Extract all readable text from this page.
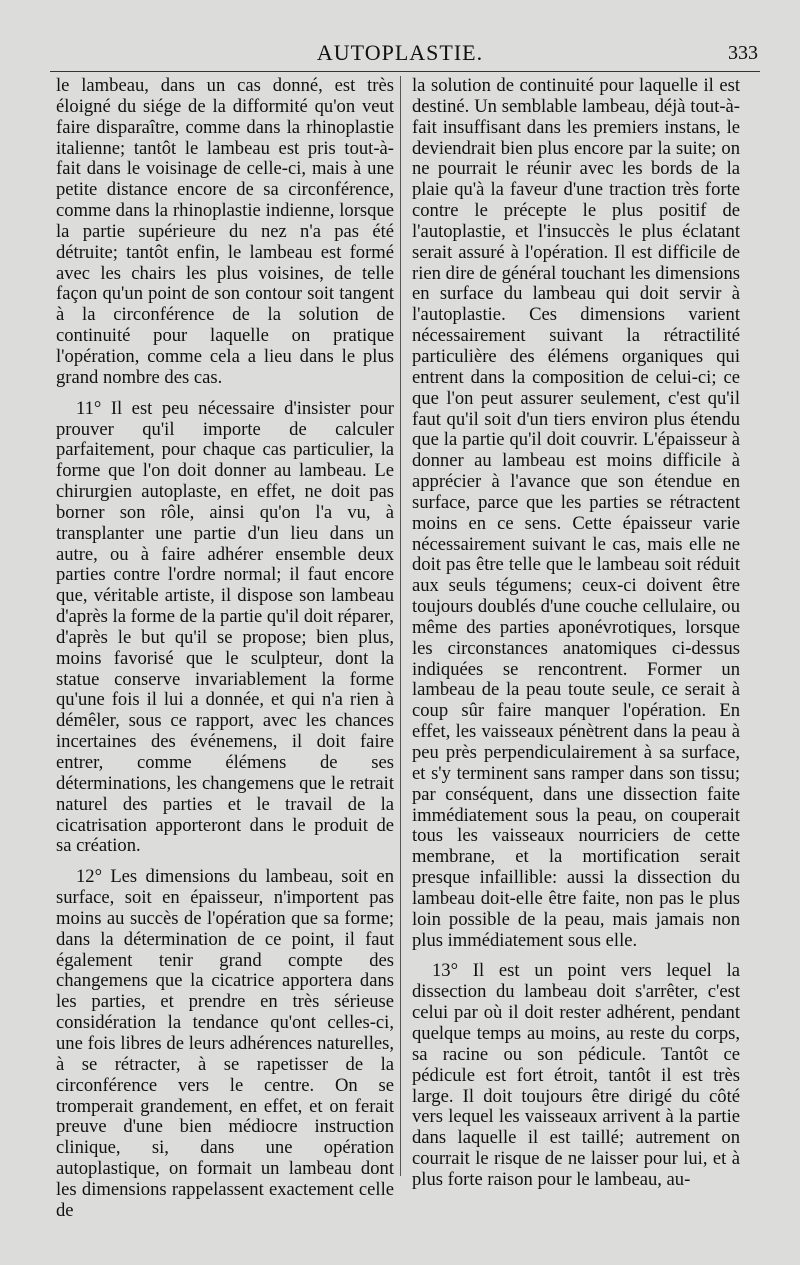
AUTOPLASTIE.	333

le lambeau, dans un cas donné, est très éloigné du siége de la difformité qu'on veut faire disparaître, comme dans la rhinoplastie italienne; tantôt le lambeau est pris tout-à-fait dans le voisinage de celle-ci, mais à une petite distance encore de sa circonférence, comme dans la rhinoplastie indienne, lorsque la partie supérieure du nez n'a pas été détruite; tantôt enfin, le lambeau est formé avec les chairs les plus voisines, de telle façon qu'un point de son contour soit tangent à la circonférence de la solution de continuité pour laquelle on pratique l'opération, comme cela a lieu dans le plus grand nombre des cas.

11° Il est peu nécessaire d'insister pour prouver qu'il importe de calculer parfaitement, pour chaque cas particulier, la forme que l'on doit donner au lambeau. Le chirurgien autoplaste, en effet, ne doit pas borner son rôle, ainsi qu'on l'a vu, à transplanter une partie d'un lieu dans un autre, ou à faire adhérer ensemble deux parties contre l'ordre normal; il faut encore que, véritable artiste, il dispose son lambeau d'après la forme de la partie qu'il doit réparer, d'après le but qu'il se propose; bien plus, moins favorisé que le sculpteur, dont la statue conserve invariablement la forme qu'une fois il lui a donnée, et qui n'a rien à démêler, sous ce rapport, avec les chances incertaines des événemens, il doit faire entrer, comme élémens de ses déterminations, les changemens que le retrait naturel des parties et le travail de la cicatrisation apporteront dans le produit de sa création.

12° Les dimensions du lambeau, soit en surface, soit en épaisseur, n'importent pas moins au succès de l'opération que sa forme; dans la détermination de ce point, il faut également tenir grand compte des changemens que la cicatrice apportera dans les parties, et prendre en très sérieuse considération la tendance qu'ont celles-ci, une fois libres de leurs adhérences naturelles, à se rétracter, à se rapetisser de la circonférence vers le centre. On se tromperait grandement, en effet, et on ferait preuve d'une bien médiocre instruction clinique, si, dans une opération autoplastique, on formait un lambeau dont les dimensions rappelassent exactement celle de

la solution de continuité pour laquelle il est destiné. Un semblable lambeau, déjà tout-à-fait insuffisant dans les premiers instans, le deviendrait bien plus encore par la suite; on ne pourrait le réunir avec les bords de la plaie qu'à la faveur d'une traction très forte contre le précepte le plus positif de l'autoplastie, et l'insuccès le plus éclatant serait assuré à l'opération. Il est difficile de rien dire de général touchant les dimensions en surface du lambeau qui doit servir à l'autoplastie. Ces dimensions varient nécessairement suivant la rétractilité particulière des élémens organiques qui entrent dans la composition de celui-ci; ce que l'on peut assurer seulement, c'est qu'il faut qu'il soit d'un tiers environ plus étendu que la partie qu'il doit couvrir. L'épaisseur à donner au lambeau est moins difficile à apprécier à l'avance que son étendue en surface, parce que les parties se rétractent moins en ce sens. Cette épaisseur varie nécessairement suivant le cas, mais elle ne doit pas être telle que le lambeau soit réduit aux seuls tégumens; ceux-ci doivent être toujours doublés d'une couche cellulaire, ou même des parties aponévrotiques, lorsque les circonstances anatomiques ci-dessus indiquées se rencontrent. Former un lambeau de la peau toute seule, ce serait à coup sûr faire manquer l'opération. En effet, les vaisseaux pénètrent dans la peau à peu près perpendiculairement à sa surface, et s'y terminent sans ramper dans son tissu; par conséquent, dans une dissection faite immédiatement sous la peau, on couperait tous les vaisseaux nourriciers de cette membrane, et la mortification serait presque infaillible: aussi la dissection du lambeau doit-elle être faite, non pas le plus loin possible de la peau, mais jamais non plus immédiatement sous elle.

13° Il est un point vers lequel la dissection du lambeau doit s'arrêter, c'est celui par où il doit rester adhérent, pendant quelque temps au moins, au reste du corps, sa racine ou son pédicule. Tantôt ce pédicule est fort étroit, tantôt il est très large. Il doit toujours être dirigé du côté vers lequel les vaisseaux arrivent à la partie dans laquelle il est taillé; autrement on courrait le risque de ne laisser pour lui, et à plus forte raison pour le lambeau, au-
